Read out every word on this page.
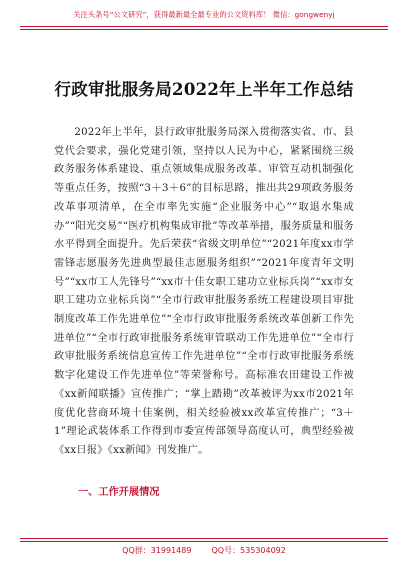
关注头条号“公文研究”，获得最新最全最专业的公文资料库！ 微信：gongwenyj
行政审批服务局2022年上半年工作总结

2022年上半年，县行政审批服务局深入贯彻落实省、市、县党代会要求，强化党建引领，坚持以人民为中心，紧紧围绕三级政务服务体系建设、重点领域集成服务改革、审管互动机制强化等重点任务，按照“3＋3＋6”的目标思路，推出共29项政务服务改革事项清单，在全市率先实施“企业服务中心”“取退水集成办”“阳光交易”“医疗机构集成审批”等改革举措，服务质量和服务水平得到全面提升。先后荣获“省级文明单位”“2021年度xx市学雷锋志愿服务先进典型最佳志愿服务组织”“2021年度青年文明号”“xx市工人先锋号”“xx市十佳女职工建功立业标兵岗”“xx市女职工建功立业标兵岗”“全市行政审批服务系统工程建设项目审批制度改革工作先进单位”“全市行政审批服务系统改革创新工作先进单位”“全市行政审批服务系统审管联动工作先进单位”“全市行政审批服务系统信息宣传工作先进单位”“全市行政审批服务系统数字化建设工作先进单位”等荣誉称号。高标准农田建设工作被《xx新闻联播》宣传推广；“掌上踏勘”改革被评为xx市2021年度优化营商环境十佳案例，相关经验被xx改革宣传推广；“3＋1”理论武装体系工作得到市委宣传部领导高度认可，典型经验被《xx日报》《xx新闻》刊发推广。

一、工作开展情况

QQ群：31991489	QQ号：535304092
